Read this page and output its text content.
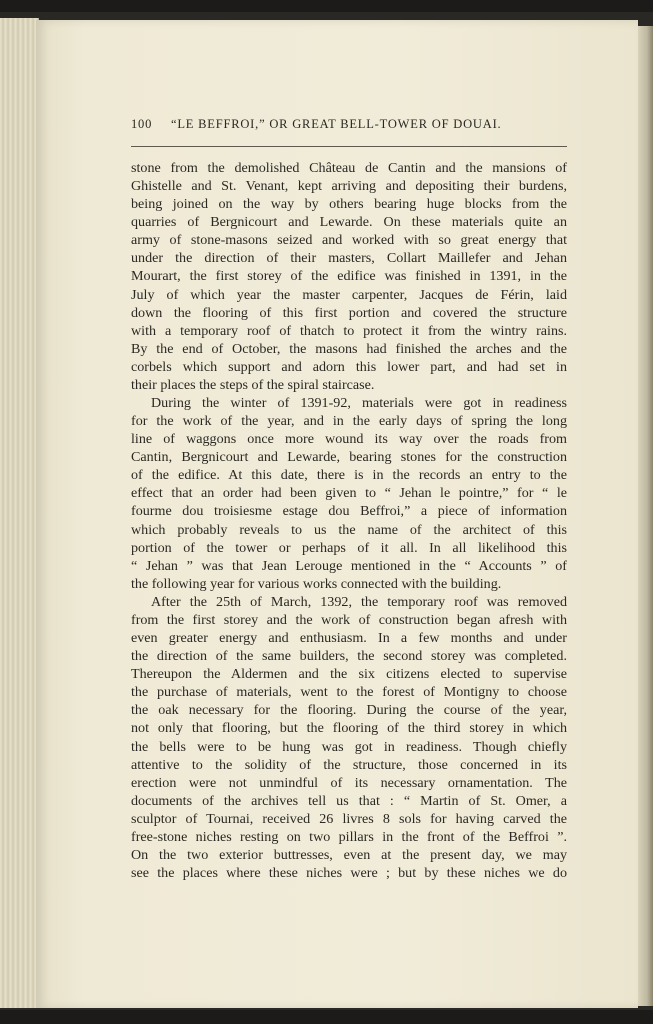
100 “LE BEFFROI,” OR GREAT BELL-TOWER OF DOUAI.

stone from the demolished Château de Cantin and the mansions of
Ghistelle and St. Venant, kept arriving and depositing their burdens,
being joined on the way by others bearing huge blocks from the
quarries of Bergnicourt and Lewarde. On these materials quite an
army of stone-masons seized and worked with so great energy that
under the direction of their masters, Collart Maillefer and Jehan
Mourart, the first storey of the edifice was finished in 1391, in the
July of which year the master carpenter, Jacques de Férin, laid
down the flooring of this first portion and covered the structure
with a temporary roof of thatch to protect it from the wintry rains.
By the end of October, the masons had finished the arches and the
corbels which support and adorn this lower part, and had set in
their places the steps of the spiral staircase.

During the winter of 1391-92, materials were got in readiness
for the work of the year, and in the early days of spring the long
line of waggons once more wound its way over the roads from
Cantin, Bergnicourt and Lewarde, bearing stones for the construction
of the edifice. At this date, there is in the records an entry to the
effect that an order had been given to “ Jehan le pointre,” for “ le
fourme dou troisiesme estage dou Beffroi,” a piece of information
which probably reveals to us the name of the architect of this
portion of the tower or perhaps of it all. In all likelihood this
“ Jehan ” was that Jean Lerouge mentioned in the “ Accounts ” of
the following year for various works connected with the building.

After the 25th of March, 1392, the temporary roof was removed
from the first storey and the work of construction began afresh with
even greater energy and enthusiasm. In a few months and under
the direction of the same builders, the second storey was completed.
Thereupon the Aldermen and the six citizens elected to supervise
the purchase of materials, went to the forest of Montigny to choose
the oak necessary for the flooring. During the course of the year,
not only that flooring, but the flooring of the third storey in which
the bells were to be hung was got in readiness. Though chiefly
attentive to the solidity of the structure, those concerned in its
erection were not unmindful of its necessary ornamentation. The
documents of the archives tell us that : “ Martin of St. Omer, a
sculptor of Tournai, received 26 livres 8 sols for having carved the
free-stone niches resting on two pillars in the front of the Beffroi ”.
On the two exterior buttresses, even at the present day, we may
see the places where these niches were ; but by these niches we do
